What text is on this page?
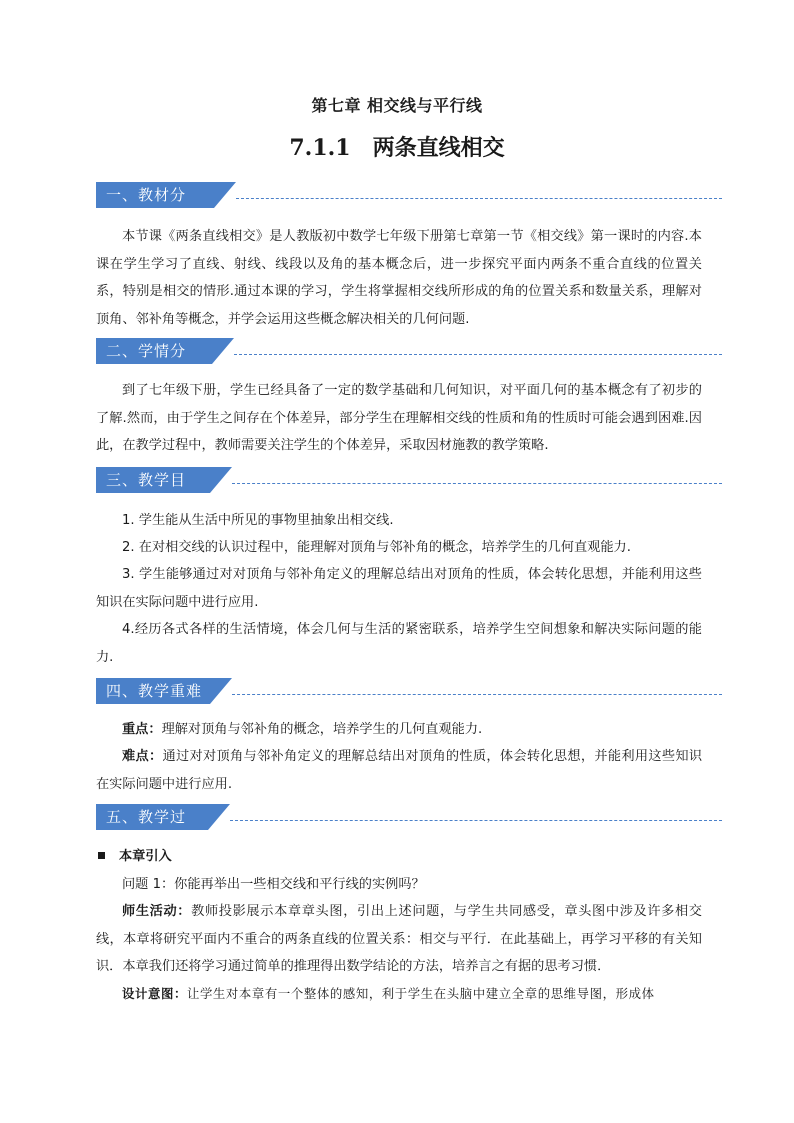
第七章 相交线与平行线
7.1.1 两条直线相交
一、教材分

本节课《两条直线相交》是人教版初中数学七年级下册第七章第一节《相交线》第一课时的内容.本课在学生学习了直线、射线、线段以及角的基本概念后，进一步探究平面内两条不重合直线的位置关系，特别是相交的情形.通过本课的学习，学生将掌握相交线所形成的角的位置关系和数量关系，理解对顶角、邻补角等概念，并学会运用这些概念解决相关的几何问题.

二、学情分

到了七年级下册，学生已经具备了一定的数学基础和几何知识，对平面几何的基本概念有了初步的了解.然而，由于学生之间存在个体差异，部分学生在理解相交线的性质和角的性质时可能会遇到困难.因此，在教学过程中，教师需要关注学生的个体差异，采取因材施教的教学策略.

三、教学目

1. 学生能从生活中所见的事物里抽象出相交线.

2. 在对相交线的认识过程中，能理解对顶角与邻补角的概念，培养学生的几何直观能力.

3. 学生能够通过对对顶角与邻补角定义的理解总结出对顶角的性质，体会转化思想，并能利用这些知识在实际问题中进行应用.

4.经历各式各样的生活情境，体会几何与生活的紧密联系，培养学生空间想象和解决实际问题的能力.

四、教学重难

重点：理解对顶角与邻补角的概念，培养学生的几何直观能力.

难点：通过对对顶角与邻补角定义的理解总结出对顶角的性质，体会转化思想，并能利用这些知识在实际问题中进行应用.

五、教学过
本章引入

问题 1：你能再举出一些相交线和平行线的实例吗？

师生活动：教师投影展示本章章头图，引出上述问题，与学生共同感受，章头图中涉及许多相交线，本章将研究平面内不重合的两条直线的位置关系：相交与平行．在此基础上，再学习平移的有关知识．本章我们还将学习通过简单的推理得出数学结论的方法，培养言之有据的思考习惯．

设计意图：让学生对本章有一个整体的感知，利于学生在头脑中建立全章的思维导图，形成体
